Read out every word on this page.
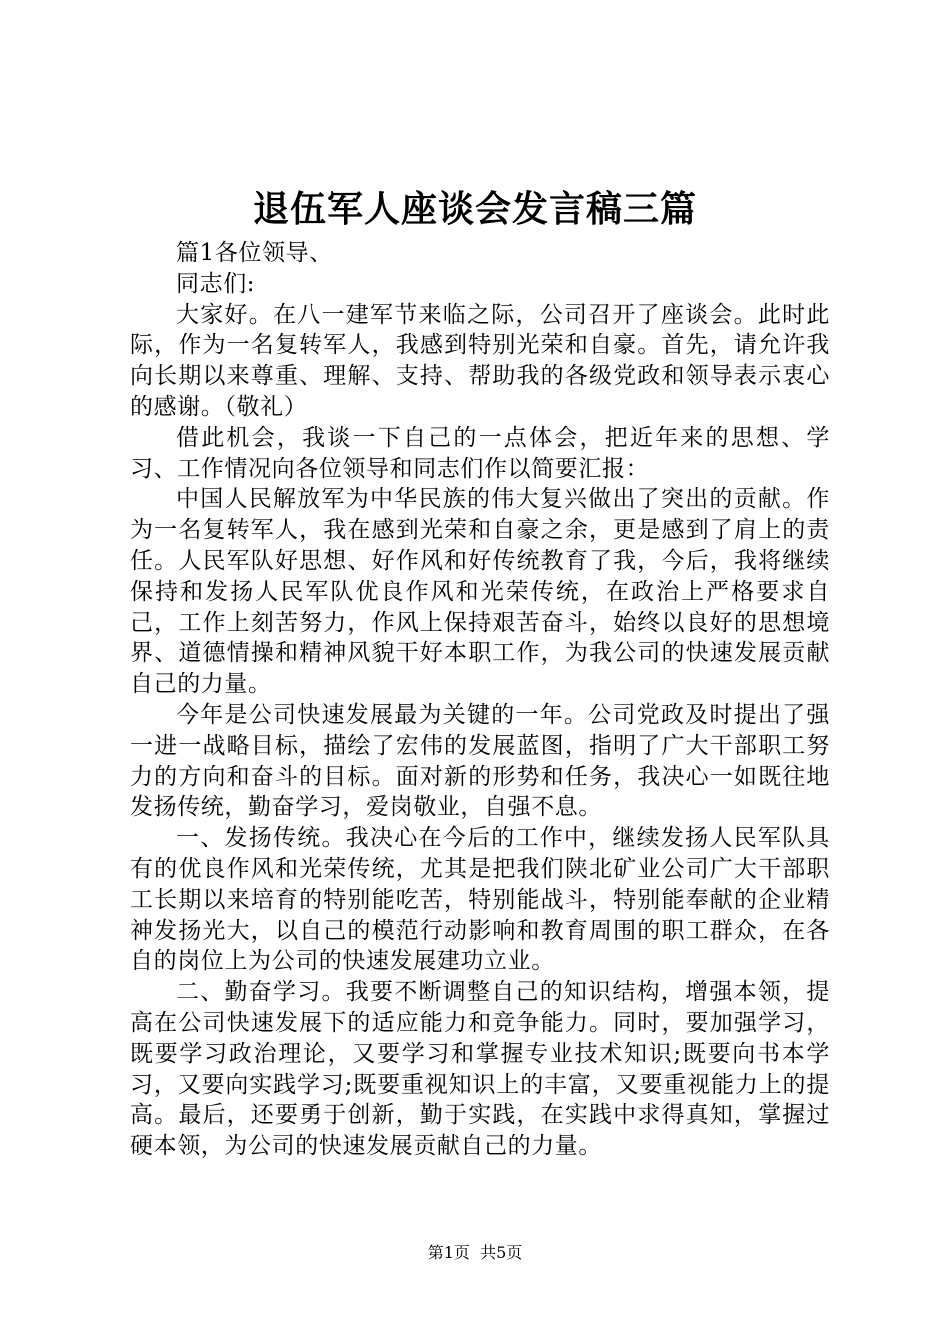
退伍军人座谈会发言稿三篇

篇1各位领导、

同志们:

大家好。在八一建军节来临之际，公司召开了座谈会。此时此际，作为一名复转军人，我感到特别光荣和自豪。首先，请允许我向长期以来尊重、理解、支持、帮助我的各级党政和领导表示衷心的感谢。（敬礼）

借此机会，我谈一下自己的一点体会，把近年来的思想、学习、工作情况向各位领导和同志们作以简要汇报：

中国人民解放军为中华民族的伟大复兴做出了突出的贡献。作为一名复转军人，我在感到光荣和自豪之余，更是感到了肩上的责任。人民军队好思想、好作风和好传统教育了我，今后，我将继续保持和发扬人民军队优良作风和光荣传统，在政治上严格要求自己，工作上刻苦努力，作风上保持艰苦奋斗，始终以良好的思想境界、道德情操和精神风貌干好本职工作，为我公司的快速发展贡献自己的力量。

今年是公司快速发展最为关键的一年。公司党政及时提出了强一进一战略目标，描绘了宏伟的发展蓝图，指明了广大干部职工努力的方向和奋斗的目标。面对新的形势和任务，我决心一如既往地发扬传统，勤奋学习，爱岗敬业，自强不息。

一、发扬传统。我决心在今后的工作中，继续发扬人民军队具有的优良作风和光荣传统，尤其是把我们陕北矿业公司广大干部职工长期以来培育的特别能吃苦，特别能战斗，特别能奉献的企业精神发扬光大，以自己的模范行动影响和教育周围的职工群众，在各自的岗位上为公司的快速发展建功立业。

二、勤奋学习。我要不断调整自己的知识结构，增强本领，提高在公司快速发展下的适应能力和竞争能力。同时，要加强学习，既要学习政治理论，又要学习和掌握专业技术知识;既要向书本学习，又要向实践学习;既要重视知识上的丰富，又要重视能力上的提高。最后，还要勇于创新，勤于实践，在实践中求得真知，掌握过硬本领，为公司的快速发展贡献自己的力量。

第1页 共5页
